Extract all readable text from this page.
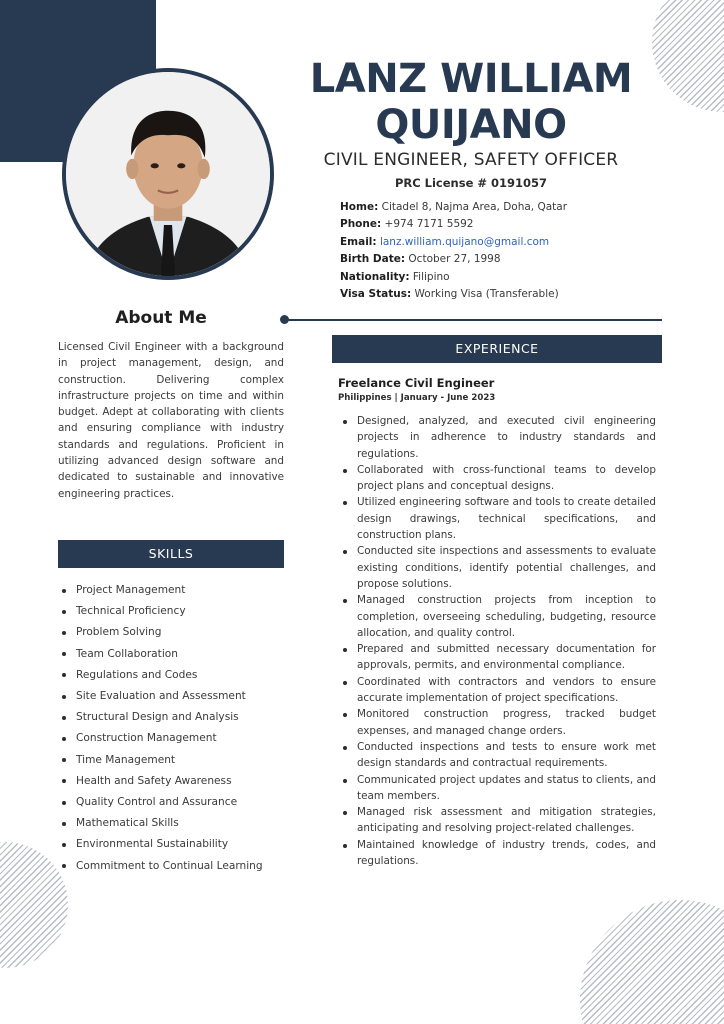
LANZ WILLIAM QUIJANO
CIVIL ENGINEER, SAFETY OFFICER
PRC License # 0191057
Home: Citadel 8, Najma Area, Doha, Qatar
Phone: +974 7171 5592
Email: lanz.william.quijano@gmail.com
Birth Date: October 27, 1998
Nationality: Filipino
Visa Status: Working Visa (Transferable)
About Me
Licensed Civil Engineer with a background in project management, design, and construction. Delivering complex infrastructure projects on time and within budget. Adept at collaborating with clients and ensuring compliance with industry standards and regulations. Proficient in utilizing advanced design software and dedicated to sustainable and innovative engineering practices.
SKILLS
Project Management
Technical Proficiency
Problem Solving
Team Collaboration
Regulations and Codes
Site Evaluation and Assessment
Structural Design and Analysis
Construction Management
Time Management
Health and Safety Awareness
Quality Control and Assurance
Mathematical Skills
Environmental Sustainability
Commitment to Continual Learning
EXPERIENCE
Freelance Civil Engineer
Philippines | January - June 2023
Designed, analyzed, and executed civil engineering projects in adherence to industry standards and regulations.
Collaborated with cross-functional teams to develop project plans and conceptual designs.
Utilized engineering software and tools to create detailed design drawings, technical specifications, and construction plans.
Conducted site inspections and assessments to evaluate existing conditions, identify potential challenges, and propose solutions.
Managed construction projects from inception to completion, overseeing scheduling, budgeting, resource allocation, and quality control.
Prepared and submitted necessary documentation for approvals, permits, and environmental compliance.
Coordinated with contractors and vendors to ensure accurate implementation of project specifications.
Monitored construction progress, tracked budget expenses, and managed change orders.
Conducted inspections and tests to ensure work met design standards and contractual requirements.
Communicated project updates and status to clients, and team members.
Managed risk assessment and mitigation strategies, anticipating and resolving project-related challenges.
Maintained knowledge of industry trends, codes, and regulations.
